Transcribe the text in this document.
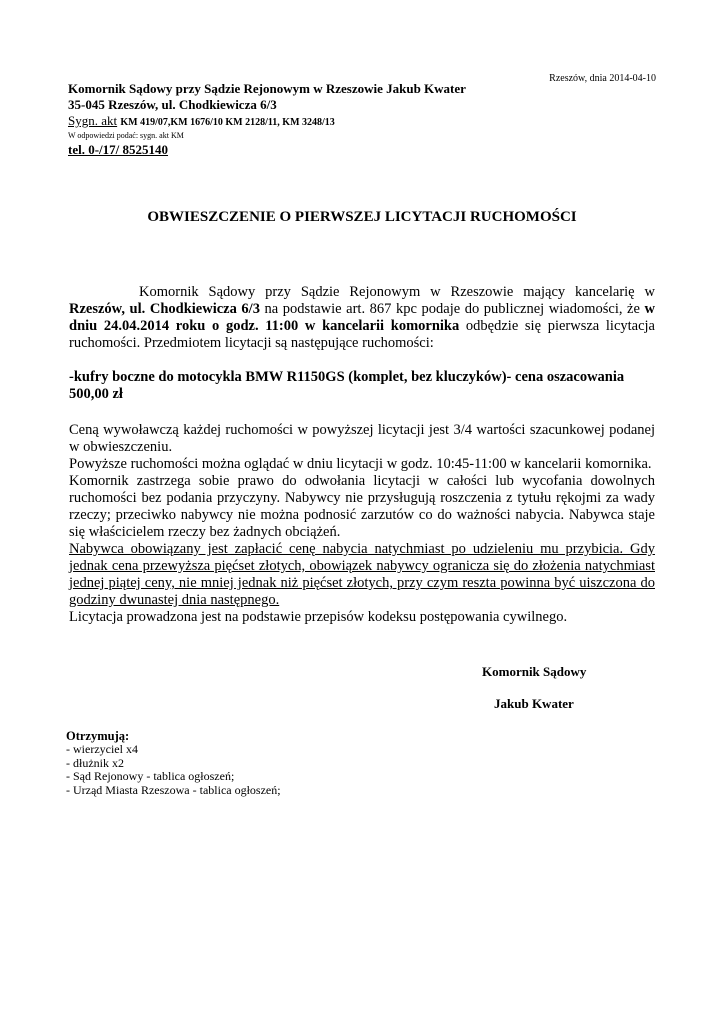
Rzeszów, dnia 2014-04-10
Komornik Sądowy przy Sądzie Rejonowym w Rzeszowie Jakub Kwater
35-045 Rzeszów, ul. Chodkiewicza 6/3
Sygn. akt KM 419/07,KM 1676/10 KM 2128/11, KM 3248/13
W odpowiedzi podać: sygn. akt KM
tel. 0-/17/ 8525140
OBWIESZCZENIE O PIERWSZEJ LICYTACJI RUCHOMOŚCI

Komornik Sądowy przy Sądzie Rejonowym w Rzeszowie mający kancelarię w Rzeszów, ul. Chodkiewicza 6/3 na podstawie art. 867 kpc podaje do publicznej wiadomości, że w dniu 24.04.2014 roku o godz. 11:00 w kancelarii komornika odbędzie się pierwsza licytacja ruchomości. Przedmiotem licytacji są następujące ruchomości:

-kufry boczne do motocykla BMW R1150GS (komplet, bez kluczyków)- cena oszacowania 500,00 zł

Ceną wywoławczą każdej ruchomości w powyższej licytacji jest 3/4 wartości szacunkowej podanej w obwieszczeniu.

Powyższe ruchomości można oglądać w dniu licytacji w godz. 10:45-11:00 w kancelarii komornika.

Komornik zastrzega sobie prawo do odwołania licytacji w całości lub wycofania dowolnych ruchomości bez podania przyczyny. Nabywcy nie przysługują roszczenia z tytułu rękojmi za wady rzeczy; przeciwko nabywcy nie można podnosić zarzutów co do ważności nabycia. Nabywca staje się właścicielem rzeczy bez żadnych obciążeń.

Nabywca obowiązany jest zapłacić cenę nabycia natychmiast po udzieleniu mu przybicia. Gdy jednak cena przewyższa pięćset złotych, obowiązek nabywcy ogranicza się do złożenia natychmiast jednej piątej ceny, nie mniej jednak niż pięćset złotych, przy czym reszta powinna być uiszczona do godziny dwunastej dnia następnego.

Licytacja prowadzona jest na podstawie przepisów kodeksu postępowania cywilnego.

Komornik Sądowy
Jakub Kwater
Otrzymują:
- wierzyciel x4
- dłużnik x2
- Sąd Rejonowy - tablica ogłoszeń;
- Urząd Miasta Rzeszowa - tablica ogłoszeń;
